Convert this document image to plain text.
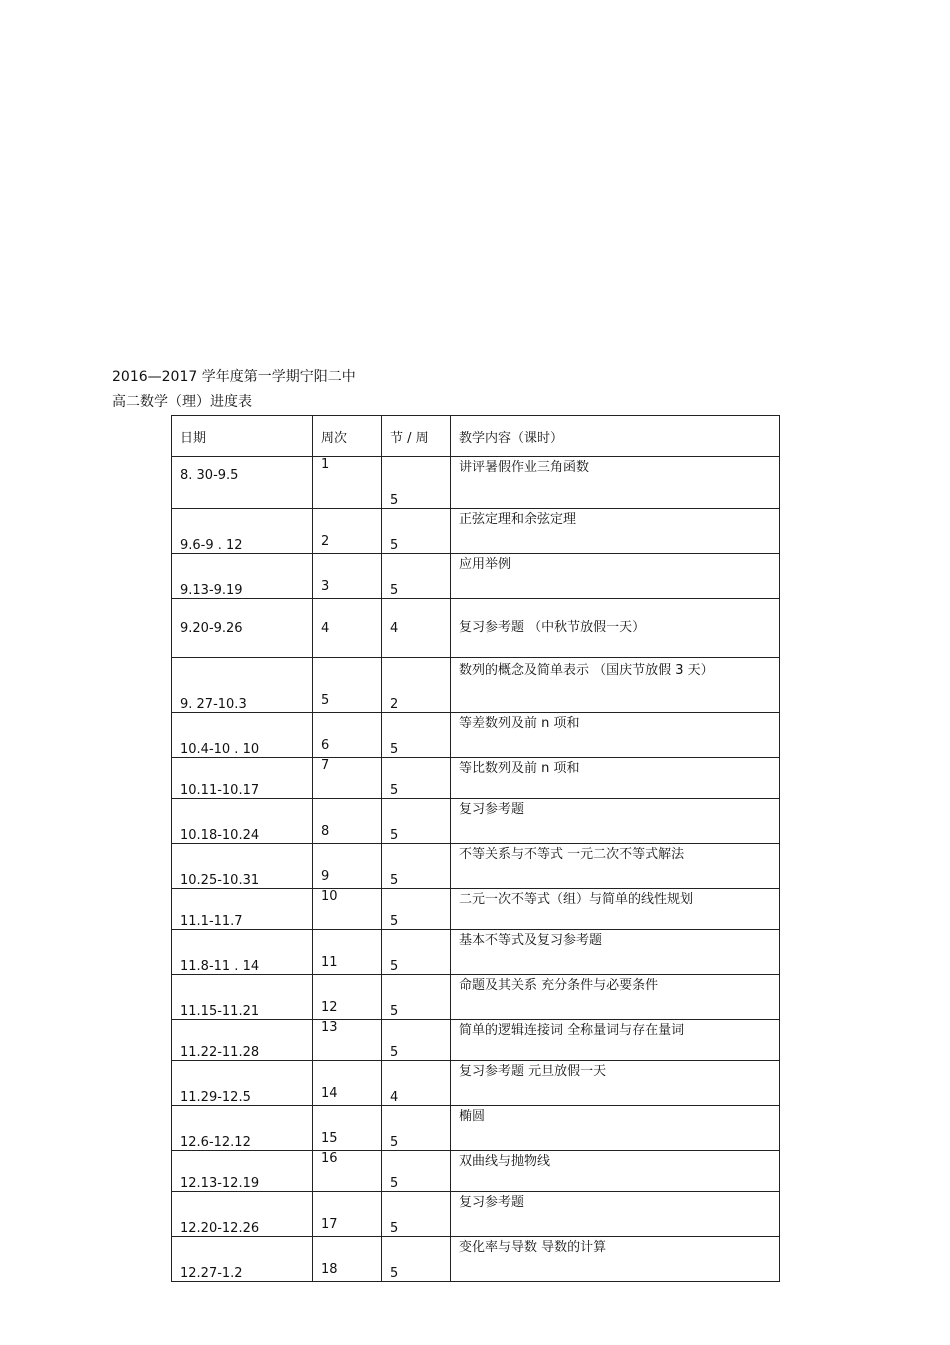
2016—2017 学年度第一学期宁阳二中
高二数学（理）进度表
日期	周次	节 / 周	教学内容（课时）
8. 30-9.5	1	5	讲评暑假作业三角函数
9.6-9 . 12	2	5	正弦定理和余弦定理
9.13-9.19	3	5	应用举例
9.20-9.26	4	4	复习参考题 （中秋节放假一天）
9. 27-10.3	5	2	数列的概念及简单表示 （国庆节放假 3 天）
10.4-10 . 10	6	5	等差数列及前 n 项和
10.11-10.17	7	5	等比数列及前 n 项和
10.18-10.24	8	5	复习参考题
10.25-10.31	9	5	不等关系与不等式 一元二次不等式解法
11.1-11.7	10	5	二元一次不等式（组）与简单的线性规划
11.8-11 . 14	11	5	基本不等式及复习参考题
11.15-11.21	12	5	命题及其关系 充分条件与必要条件
11.22-11.28	13	5	简单的逻辑连接词 全称量词与存在量词
11.29-12.5	14	4	复习参考题 元旦放假一天
12.6-12.12	15	5	椭圆
12.13-12.19	16	5	双曲线与抛物线
12.20-12.26	17	5	复习参考题
12.27-1.2	18	5	变化率与导数 导数的计算
